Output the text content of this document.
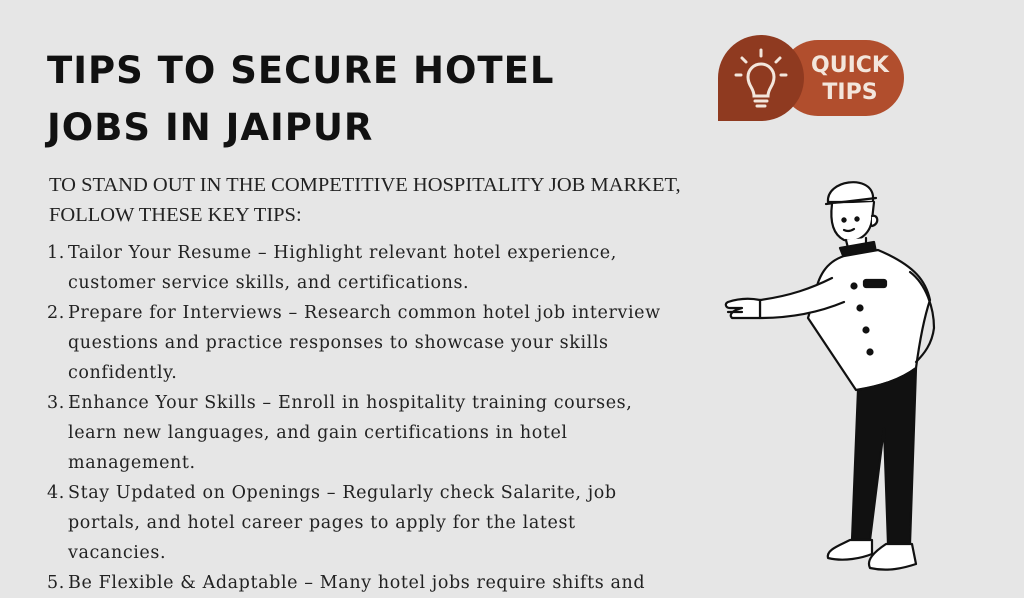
TIPS TO SECURE HOTEL
JOBS IN JAIPUR

TO STAND OUT IN THE COMPETITIVE HOSPITALITY JOB MARKET,
FOLLOW THESE KEY TIPS:

1. Tailor Your Resume – Highlight relevant hotel experience,
customer service skills, and certifications.
2. Prepare for Interviews – Research common hotel job interview
questions and practice responses to showcase your skills
confidently.
3. Enhance Your Skills – Enroll in hospitality training courses,
learn new languages, and gain certifications in hotel
management.
4. Stay Updated on Openings – Regularly check Salarite, job
portals, and hotel career pages to apply for the latest
vacancies.
5. Be Flexible & Adaptable – Many hotel jobs require shifts and
QUICK
TIPS
